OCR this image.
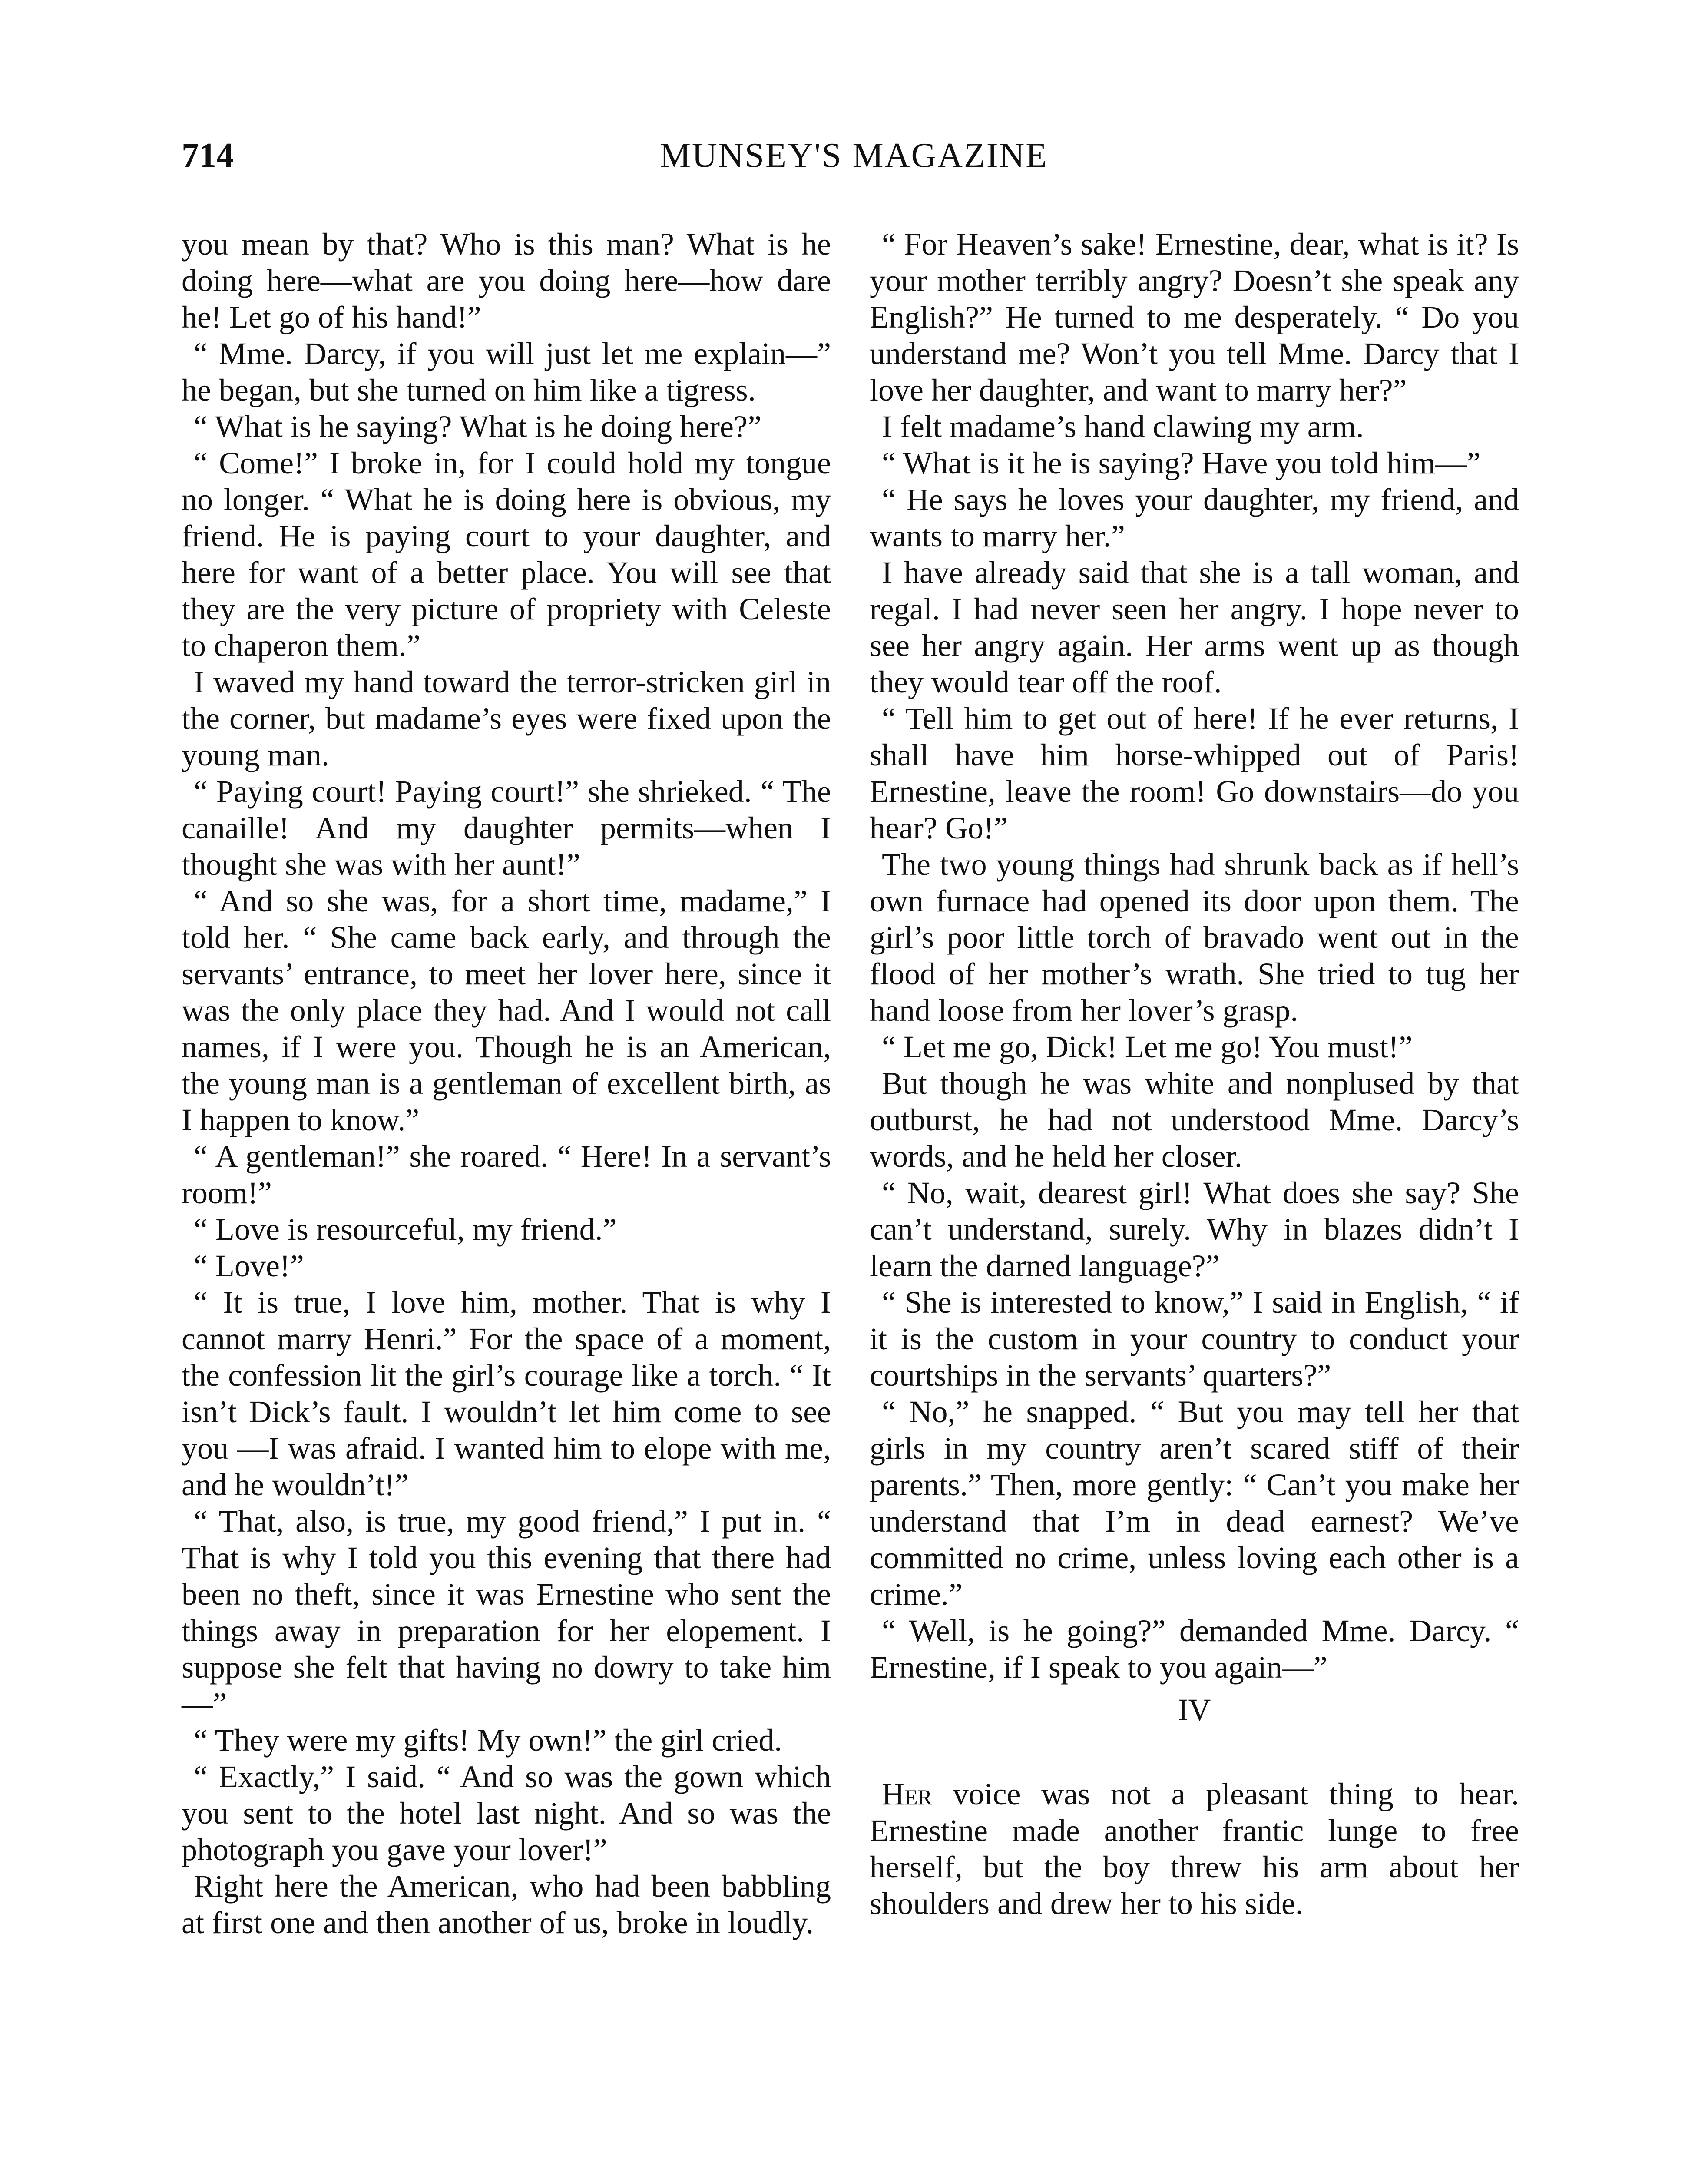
714	MUNSEY'S MAGAZINE

you mean by that? Who is this man? What is he doing here—what are you doing here—how dare he! Let go of his hand!”

“ Mme. Darcy, if you will just let me explain—” he began, but she turned on him like a tigress.

“ What is he saying? What is he doing here?”

“ Come!” I broke in, for I could hold my tongue no longer. “ What he is doing here is obvious, my friend. He is paying court to your daughter, and here for want of a better place. You will see that they are the very picture of propriety with Celeste to chaperon them.”

I waved my hand toward the terror-stricken girl in the corner, but madame’s eyes were fixed upon the young man.

“ Paying court! Paying court!” she shrieked. “ The canaille! And my daughter permits—when I thought she was with her aunt!”

“ And so she was, for a short time, madame,” I told her. “ She came back early, and through the servants’ entrance, to meet her lover here, since it was the only place they had. And I would not call names, if I were you. Though he is an American, the young man is a gentleman of excellent birth, as I happen to know.”

“ A gentleman!” she roared. “ Here! In a servant’s room!”

“ Love is resourceful, my friend.”

“ Love!”

“ It is true, I love him, mother. That is why I cannot marry Henri.” For the space of a moment, the confession lit the girl’s courage like a torch. “ It isn’t Dick’s fault. I wouldn’t let him come to see you —I was afraid. I wanted him to elope with me, and he wouldn’t!”

“ That, also, is true, my good friend,” I put in. “ That is why I told you this evening that there had been no theft, since it was Ernestine who sent the things away in preparation for her elopement. I suppose she felt that having no dowry to take him—”

“ They were my gifts! My own!” the girl cried.

“ Exactly,” I said. “ And so was the gown which you sent to the hotel last night. And so was the photograph you gave your lover!”

Right here the American, who had been babbling at first one and then another of us, broke in loudly.

“ For Heaven’s sake! Ernestine, dear, what is it? Is your mother terribly angry? Doesn’t she speak any English?” He turned to me desperately. “ Do you understand me? Won’t you tell Mme. Darcy that I love her daughter, and want to marry her?”

I felt madame’s hand clawing my arm.

“ What is it he is saying? Have you told him—”

“ He says he loves your daughter, my friend, and wants to marry her.”

I have already said that she is a tall woman, and regal. I had never seen her angry. I hope never to see her angry again. Her arms went up as though they would tear off the roof.

“ Tell him to get out of here! If he ever returns, I shall have him horse-whipped out of Paris! Ernestine, leave the room! Go downstairs—do you hear? Go!”

The two young things had shrunk back as if hell’s own furnace had opened its door upon them. The girl’s poor little torch of bravado went out in the flood of her mother’s wrath. She tried to tug her hand loose from her lover’s grasp.

“ Let me go, Dick! Let me go! You must!”

But though he was white and nonplused by that outburst, he had not understood Mme. Darcy’s words, and he held her closer.

“ No, wait, dearest girl! What does she say? She can’t understand, surely. Why in blazes didn’t I learn the darned language?”

“ She is interested to know,” I said in English, “ if it is the custom in your country to conduct your courtships in the servants’ quarters?”

“ No,” he snapped. “ But you may tell her that girls in my country aren’t scared stiff of their parents.” Then, more gently: “ Can’t you make her understand that I’m in dead earnest? We’ve committed no crime, unless loving each other is a crime.”

“ Well, is he going?” demanded Mme. Darcy. “ Ernestine, if I speak to you again—”

IV

Her voice was not a pleasant thing to hear. Ernestine made another frantic lunge to free herself, but the boy threw his arm about her shoulders and drew her to his side.
